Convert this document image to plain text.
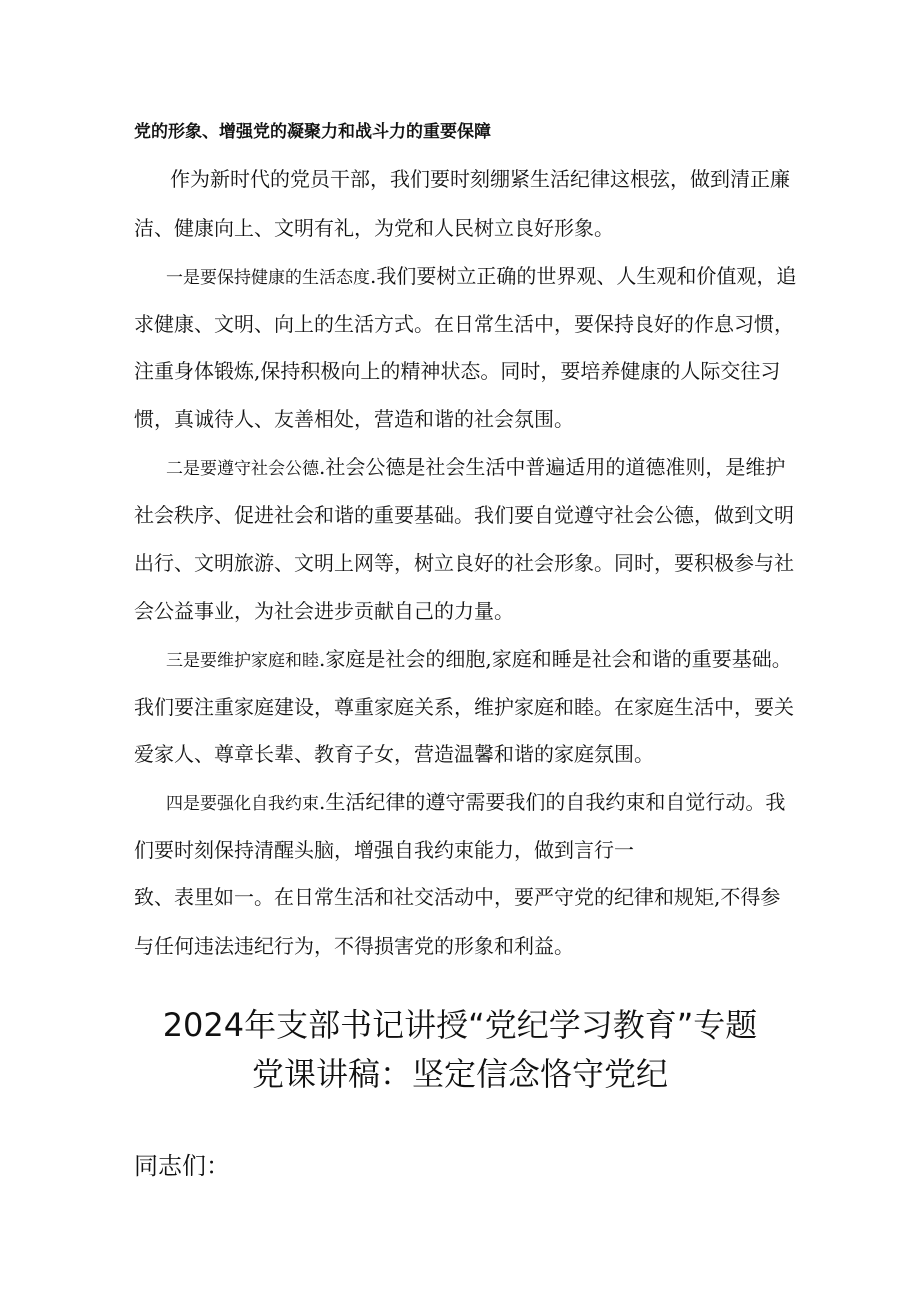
党的形象、增强党的凝聚力和战斗力的重要保障
作为新时代的党员干部，我们要时刻绷紧生活纪律这根弦，做到清正廉
洁、健康向上、文明有礼，为党和人民树立良好形象。
一是要保持健康的生活态度.我们要树立正确的世界观、人生观和价值观，追
求健康、文明、向上的生活方式。在日常生活中，要保持良好的作息习惯，
注重身体锻炼,保持积极向上的精神状态。同时，要培养健康的人际交往习
惯，真诚待人、友善相处，营造和谐的社会氛围。
二是要遵守社会公德.社会公德是社会生活中普遍适用的道德准则，是维护
社会秩序、促进社会和谐的重要基础。我们要自觉遵守社会公德，做到文明
出行、文明旅游、文明上网等，树立良好的社会形象。同时，要积极参与社
会公益事业，为社会进步贡献自己的力量。
三是要维护家庭和睦.家庭是社会的细胞,家庭和睡是社会和谐的重要基础。
我们要注重家庭建设，尊重家庭关系，维护家庭和睦。在家庭生活中，要关
爱家人、尊章长辈、教育子女，营造温馨和谐的家庭氛围。
四是要强化自我约束.生活纪律的遵守需要我们的自我约束和自觉行动。我
们要时刻保持清醒头脑，增强自我约束能力，做到言行一
致、表里如一。在日常生活和社交活动中，要严守党的纪律和规矩,不得参
与任何违法违纪行为，不得损害党的形象和利益。
2024年支部书记讲授“党纪学习教育”专题
党课讲稿：坚定信念恪守党纪
同志们：
